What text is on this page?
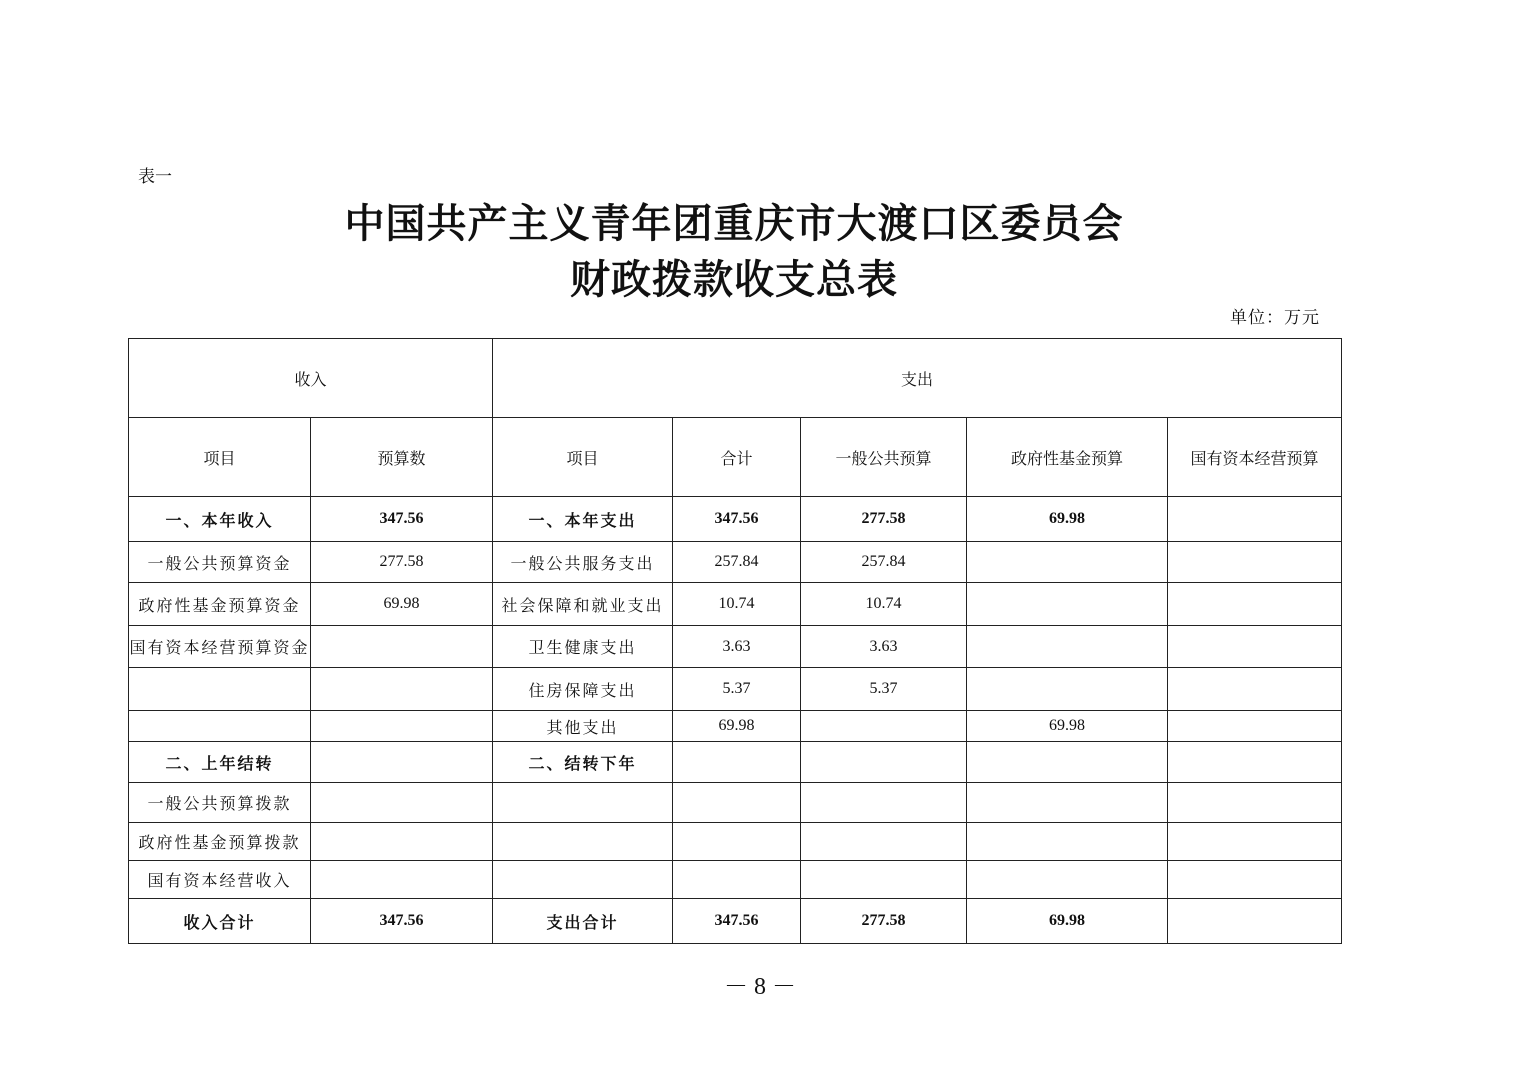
表一
中国共产主义青年团重庆市大渡口区委员会
财政拨款收支总表
单位：万元
收入		支出				
项目	预算数	项目	合计	一般公共预算	政府性基金预算	国有资本经营预算
一、本年收入	347.56	一、本年支出	347.56	277.58	69.98	
一般公共预算资金	277.58	一般公共服务支出	257.84	257.84		
政府性基金预算资金	69.98	社会保障和就业支出	10.74	10.74		
国有资本经营预算资金		卫生健康支出	3.63	3.63		
		住房保障支出	5.37	5.37		
		其他支出	69.98		69.98	
二、上年结转		二、结转下年				
一般公共预算拨款						
政府性基金预算拨款						
国有资本经营收入						
收入合计	347.56	支出合计	347.56	277.58	69.98	
－ 8 －
